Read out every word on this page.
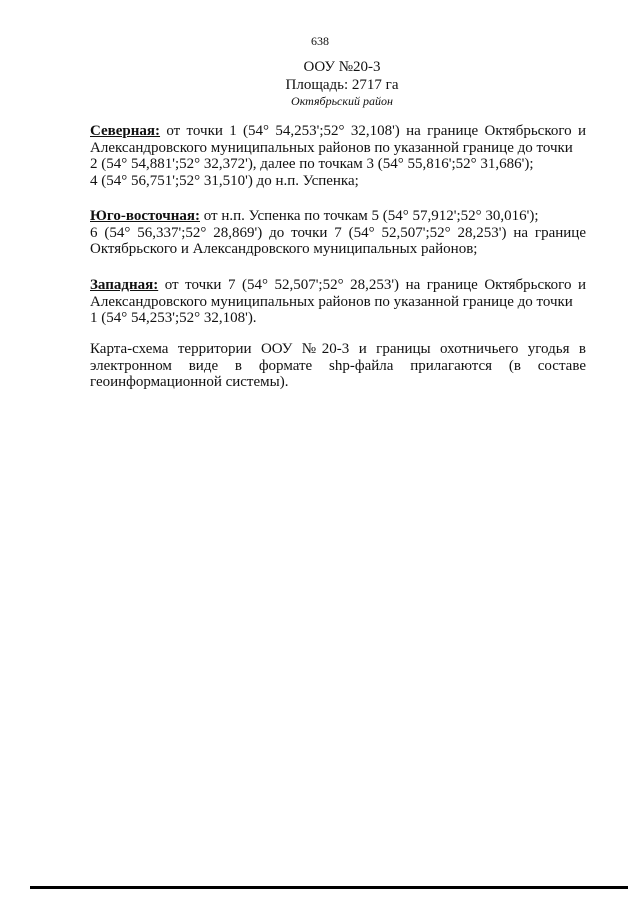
638
ООУ №20-3
Площадь: 2717 га
Октябрьский район
Северная: от точки 1 (54° 54,253';52° 32,108') на границе Октябрьского и
Александровского муниципальных районов по указанной границе до точки
2 (54° 54,881';52° 32,372'), далее по точкам 3 (54° 55,816';52° 31,686');
4 (54° 56,751';52° 31,510') до н.п. Успенка;
Юго-восточная: от н.п. Успенка по точкам 5 (54° 57,912';52° 30,016');
6 (54° 56,337';52° 28,869') до точки 7 (54° 52,507';52° 28,253') на границе
Октябрьского и Александровского муниципальных районов;
Западная: от точки 7 (54° 52,507';52° 28,253') на границе Октябрьского и
Александровского муниципальных районов по указанной границе до точки
1 (54° 54,253';52° 32,108').
Карта-схема территории ООУ №20-3 и границы охотничьего угодья в
электронном виде в формате shp-файла прилагаются (в составе
геоинформационной системы).
